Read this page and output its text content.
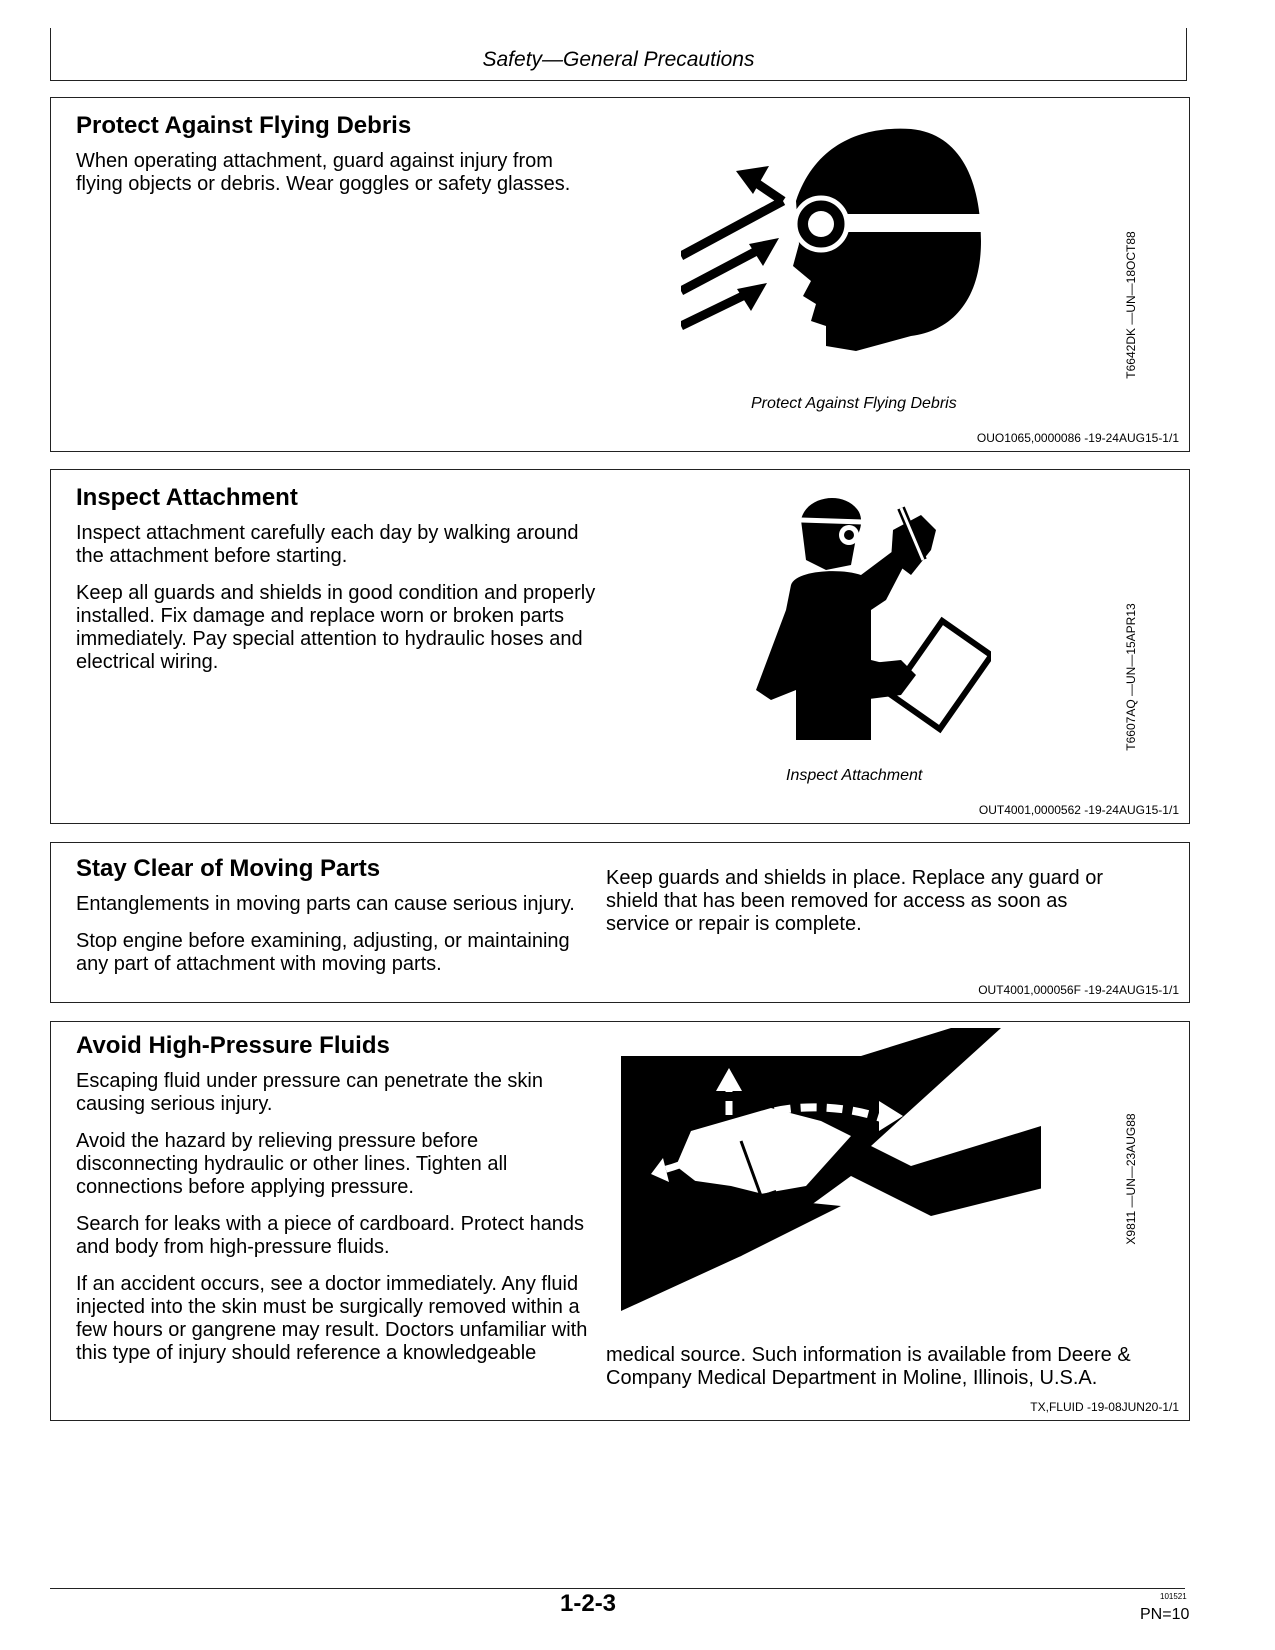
Safety—General Precautions
Protect Against Flying Debris

When operating attachment, guard against injury from flying objects or debris. Wear goggles or safety glasses.

Protect Against Flying Debris
T6642DK —UN—18OCT88
OUO1065,0000086 -19-24AUG15-1/1
Inspect Attachment

Inspect attachment carefully each day by walking around the attachment before starting.

Keep all guards and shields in good condition and properly installed. Fix damage and replace worn or broken parts immediately. Pay special attention to hydraulic hoses and electrical wiring.

Inspect Attachment
T6607AQ —UN—15APR13
OUT4001,0000562 -19-24AUG15-1/1
Stay Clear of Moving Parts

Entanglements in moving parts can cause serious injury.

Stop engine before examining, adjusting, or maintaining any part of attachment with moving parts.

Keep guards and shields in place. Replace any guard or shield that has been removed for access as soon as service or repair is complete.

OUT4001,000056F -19-24AUG15-1/1
Avoid High-Pressure Fluids

Escaping fluid under pressure can penetrate the skin causing serious injury.

Avoid the hazard by relieving pressure before disconnecting hydraulic or other lines. Tighten all connections before applying pressure.

Search for leaks with a piece of cardboard. Protect hands and body from high-pressure fluids.

If an accident occurs, see a doctor immediately. Any fluid injected into the skin must be surgically removed within a few hours or gangrene may result. Doctors unfamiliar with this type of injury should reference a knowledgeable	medical source. Such information is available from Deere & Company Medical Department in Moline, Illinois, U.S.A.

X9811 —UN—23AUG88
TX,FLUID -19-08JUN20-1/1
1-2-3	101521
PN=10
